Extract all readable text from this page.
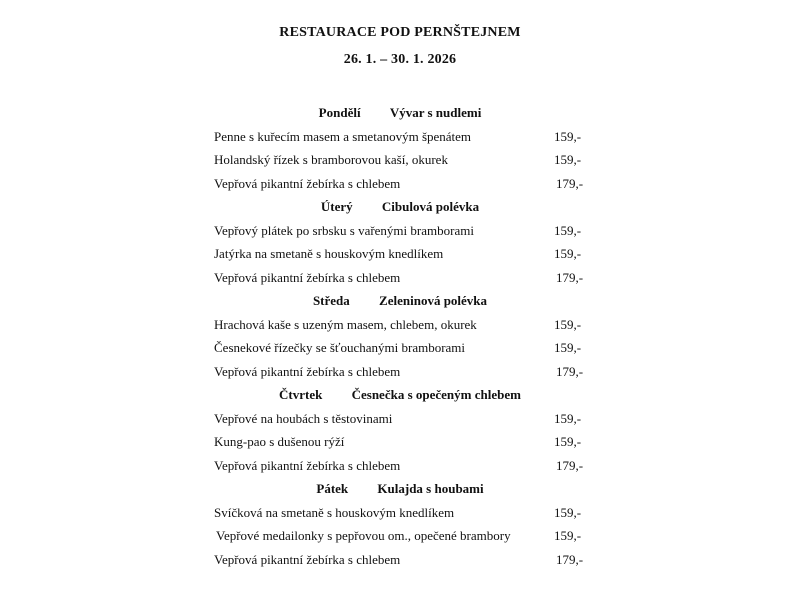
RESTAURACE POD PERNŠTEJNEM
26. 1. – 30. 1. 2026
Pondělí Vývar s nudlemi
Penne s kuřecím masem a smetanovým špenátem	159,-
Holandský řízek s bramborovou kaší, okurek	159,-
Vepřová pikantní žebírka s chlebem	179,-
Úterý Cibulová polévka
Vepřový plátek po srbsku s vařenými bramborami	159,-
Jatýrka na smetaně s houskovým knedlíkem	159,-
Vepřová pikantní žebírka s chlebem	179,-
Středa Zeleninová polévka
Hrachová kaše s uzeným masem, chlebem, okurek	159,-
Česnekové řízečky se šťouchanými bramborami	159,-
Vepřová pikantní žebírka s chlebem	179,-
Čtvrtek Česnečka s opečeným chlebem
Vepřové na houbách s těstovinami	159,-
Kung-pao s dušenou rýží	159,-
Vepřová pikantní žebírka s chlebem	179,-
Pátek Kulajda s houbami
Svíčková na smetaně s houskovým knedlíkem	159,-
Vepřové medailonky s pepřovou om., opečené brambory	159,-
Vepřová pikantní žebírka s chlebem	179,-
